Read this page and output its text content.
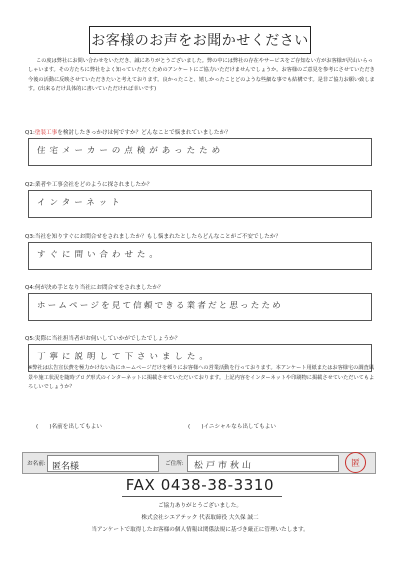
お客様のお声をお聞かせください

この度は弊社にお問い合わせをいただき、誠にありがとうございました。弊の中には弊社の存在やサービスをご存知ない方がお客様が沢山いらっしゃいます。その方たちに弊社をよく知っていただくためのアンケートにご協力いただけませんでしょうか。お客様のご意見を参考にさせていただき今後の活動に反映させていただきたいと考えております。良かったこと、嬉しかったことどのような些細な事でも結構です。是非ご協力お願い致します。(出来るだけ具体的に書いていただければ幸いです)

Q1:塗装工事を検討したきっかけは何ですか？どんなことで悩まれていましたか？
住宅メーカーの点検があったため
Q2:業者や工事会社をどのように探されましたか？
インターネット
Q3:当社を知りすぐにお問合せをされましたか？もし悩まれたとしたらどんなことがご不安でしたか？
すぐに問い合わせた。
Q4:何が決め手となり当社にお問合せをされましたか？
ホームページを見て信頼できる業者だと思ったため
Q5:実際に当社担当者がお伺いしていかがでしたでしょうか？
丁寧に説明して下さいました。

※弊社は広告宣伝費を極力かけない為にホームページだけを頼りにお客様への営業活動を行っております。本アンケート用紙またはお客様宅の調査風景や施工状況を随時ブログ形式のインターネットに掲載させていただいております。上記内容をインターネットや印刷物に掲載させていただいてもよろしいでしょうか？

(　　)名前を出してもよい	(　　)イニシャルなら出してもよい
お名前: 匿名様	ご住所: 松戸市秋山	匿
FAX 0438-38-3310
ご協力ありがとうございました。
株式会社シエアテック 代表取締役 大久保 誠二
当アンケートで取得したお客様の個人情報は関係法規に基づき厳正に管理いたします。
